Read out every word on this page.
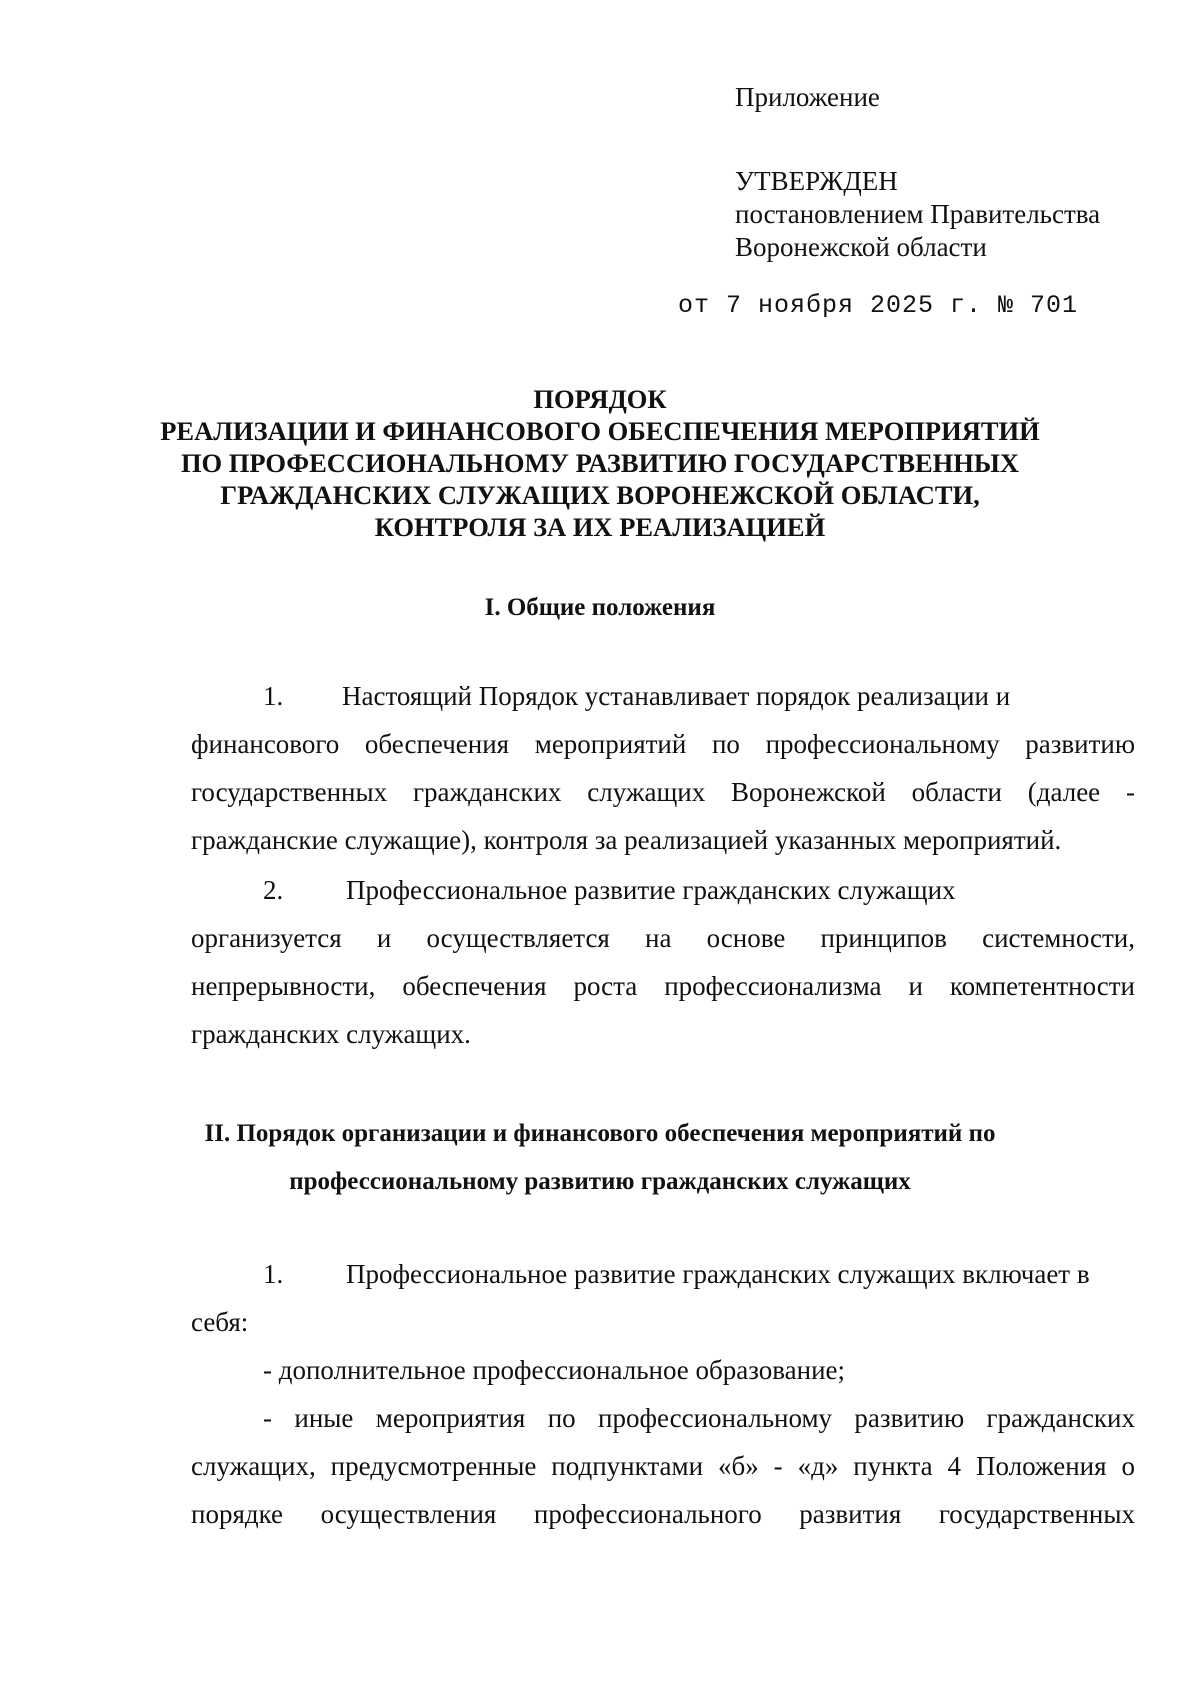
Приложение
УТВЕРЖДЕН
постановлением Правительства
Воронежской области
от 7 ноября 2025 г. № 701
ПОРЯДОК
РЕАЛИЗАЦИИ И ФИНАНСОВОГО ОБЕСПЕЧЕНИЯ МЕРОПРИЯТИЙ
ПО ПРОФЕССИОНАЛЬНОМУ РАЗВИТИЮ ГОСУДАРСТВЕННЫХ
ГРАЖДАНСКИХ СЛУЖАЩИХ ВОРОНЕЖСКОЙ ОБЛАСТИ,
КОНТРОЛЯ ЗА ИХ РЕАЛИЗАЦИЕЙ
I. Общие положения
1. Настоящий Порядок устанавливает порядок реализации и
финансового обеспечения мероприятий по профессиональному развитию
государственных гражданских служащих Воронежской области (далее -
гражданские служащие), контроля за реализацией указанных мероприятий.
2. Профессиональное развитие гражданских служащих
организуется и осуществляется на основе принципов системности,
непрерывности, обеспечения роста профессионализма и компетентности
гражданских служащих.
II. Порядок организации и финансового обеспечения мероприятий по
профессиональному развитию гражданских служащих
1. Профессиональное развитие гражданских служащих включает в
себя:
- дополнительное профессиональное образование;
- иные мероприятия по профессиональному развитию гражданских
служащих, предусмотренные подпунктами «б» - «д» пункта 4 Положения о
порядке осуществления профессионального развития государственных
